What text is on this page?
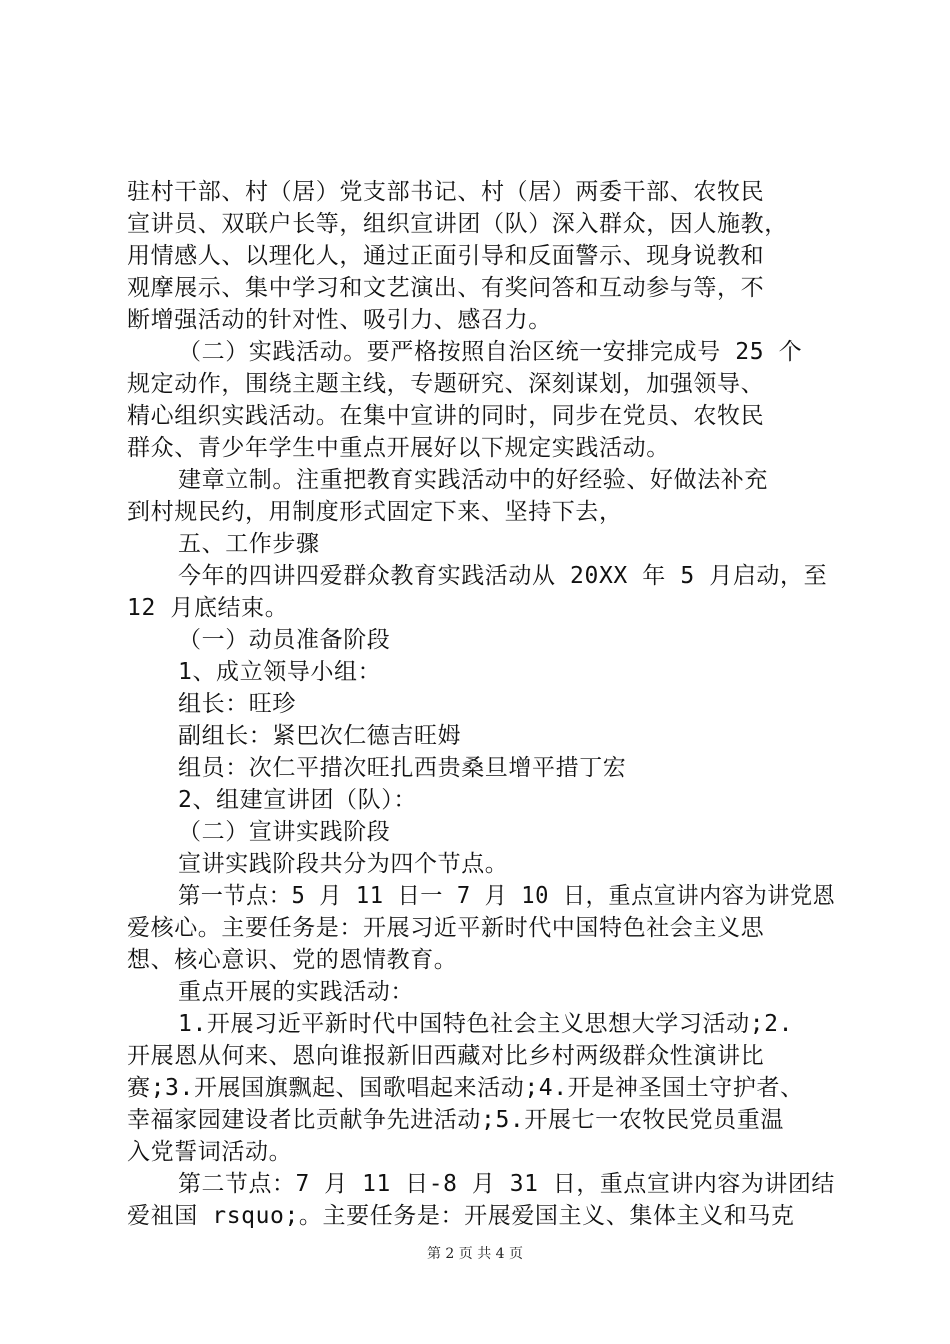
驻村干部、村（居）党支部书记、村（居）两委干部、农牧民
宣讲员、双联户长等，组织宣讲团（队）深入群众，因人施教，
用情感人、以理化人，通过正面引导和反面警示、现身说教和
观摩展示、集中学习和文艺演出、有奖问答和互动参与等，不
断增强活动的针对性、吸引力、感召力。
（二）实践活动。要严格按照自治区统一安排完成号 25 个
规定动作，围绕主题主线，专题研究、深刻谋划，加强领导、
精心组织实践活动。在集中宣讲的同时，同步在党员、农牧民
群众、青少年学生中重点开展好以下规定实践活动。
建章立制。注重把教育实践活动中的好经验、好做法补充
到村规民约，用制度形式固定下来、坚持下去，
五、工作步骤
今年的四讲四爱群众教育实践活动从 20XX 年 5 月启动，至
12 月底结束。
（一）动员准备阶段
1、成立领导小组：
组长：旺珍
副组长：紧巴次仁德吉旺姆
组员：次仁平措次旺扎西贵桑旦增平措丁宏
2、组建宣讲团（队）：
（二）宣讲实践阶段
宣讲实践阶段共分为四个节点。
第一节点：5 月 11 日一 7 月 10 日，重点宣讲内容为讲党恩
爱核心。主要任务是：开展习近平新时代中国特色社会主义思
想、核心意识、党的恩情教育。
重点开展的实践活动：
1.开展习近平新时代中国特色社会主义思想大学习活动;2.
开展恩从何来、恩向谁报新旧西藏对比乡村两级群众性演讲比
赛;3.开展国旗飘起、国歌唱起来活动;4.开是神圣国土守护者、
幸福家园建设者比贡献争先进活动;5.开展七一农牧民党员重温
入党誓词活动。
第二节点：7 月 11 日-8 月 31 日，重点宣讲内容为讲团结
爱祖国 rsquo;。主要任务是：开展爱国主义、集体主义和马克
第 2 页 共 4 页
